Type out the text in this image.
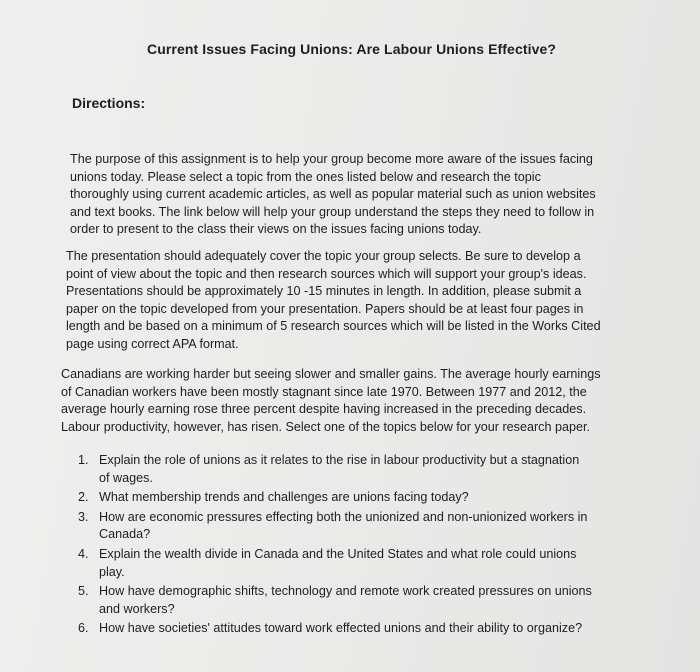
Current Issues Facing Unions: Are Labour Unions Effective?
Directions:

The purpose of this assignment is to help your group become more aware of the issues facing
unions today. Please select a topic from the ones listed below and research the topic
thoroughly using current academic articles, as well as popular material such as union websites
and text books. The link below will help your group understand the steps they need to follow in
order to present to the class their views on the issues facing unions today.

The presentation should adequately cover the topic your group selects. Be sure to develop a
point of view about the topic and then research sources which will support your group's ideas.
Presentations should be approximately 10 -15 minutes in length. In addition, please submit a
paper on the topic developed from your presentation. Papers should be at least four pages in
length and be based on a minimum of 5 research sources which will be listed in the Works Cited
page using correct APA format.

Canadians are working harder but seeing slower and smaller gains. The average hourly earnings
of Canadian workers have been mostly stagnant since late 1970. Between 1977 and 2012, the
average hourly earning rose three percent despite having increased in the preceding decades.
Labour productivity, however, has risen. Select one of the topics below for your research paper.

1. Explain the role of unions as it relates to the rise in labour productivity but a stagnation
of wages.
2. What membership trends and challenges are unions facing today?
3. How are economic pressures effecting both the unionized and non-unionized workers in
Canada?
4. Explain the wealth divide in Canada and the United States and what role could unions
play.
5. How have demographic shifts, technology and remote work created pressures on unions
and workers?
6. How have societies' attitudes toward work effected unions and their ability to organize?
